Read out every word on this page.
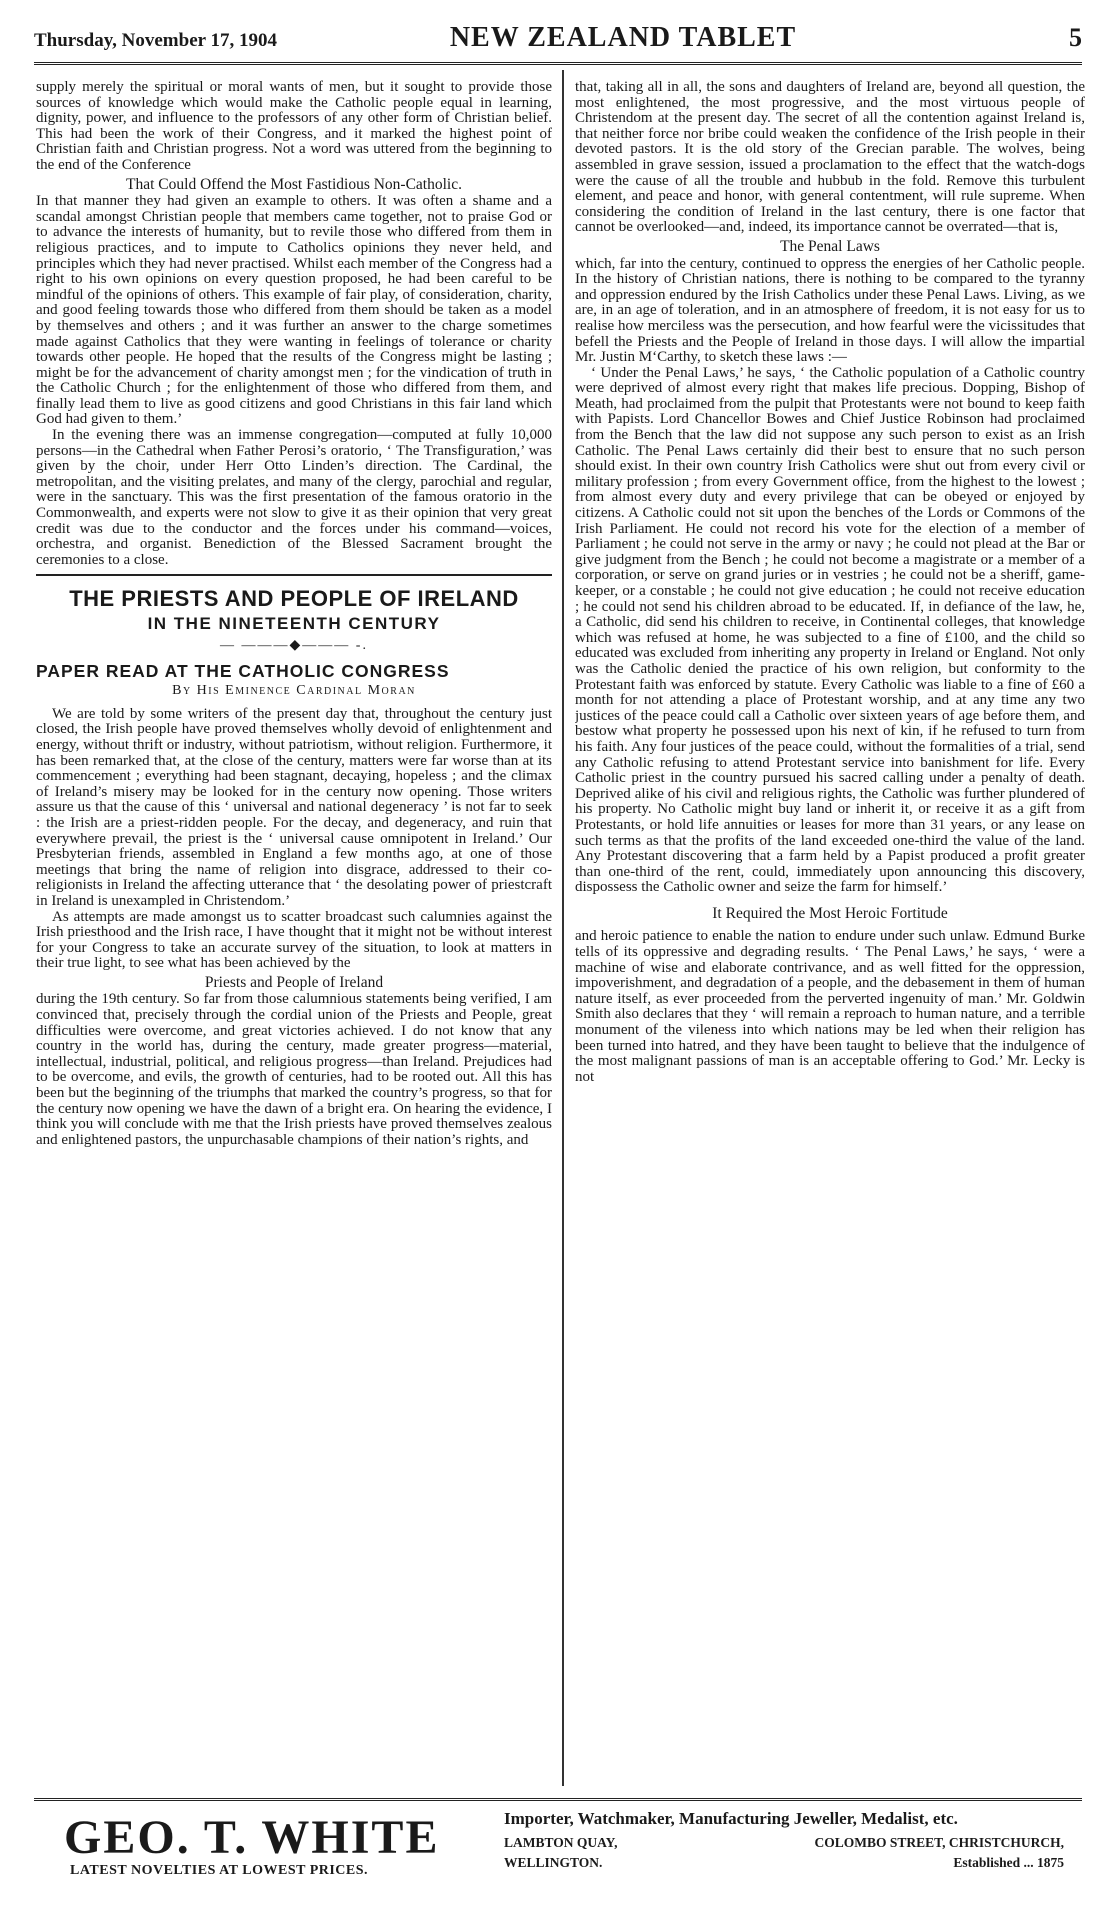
Thursday, November 17, 1904	NEW ZEALAND TABLET	5

supply merely the spiritual or moral wants of men, but it sought to provide those sources of knowledge which would make the Catholic people equal in learning, dignity, power, and influence to the professors of any other form of Christian belief. This had been the work of their Congress, and it marked the highest point of Christian faith and Christian progress. Not a word was uttered from the beginning to the end of the Conference

That Could Offend the Most Fastidious Non-Catholic.

In that manner they had given an example to others. It was often a shame and a scandal amongst Christian people that members came together, not to praise God or to advance the interests of humanity, but to revile those who differed from them in religious practices, and to impute to Catholics opinions they never held, and principles which they had never practised. Whilst each member of the Congress had a right to his own opinions on every question proposed, he had been careful to be mindful of the opinions of others. This example of fair play, of consideration, charity, and good feeling towards those who differed from them should be taken as a model by themselves and others ; and it was further an answer to the charge sometimes made against Catholics that they were wanting in feelings of tolerance or charity towards other people. He hoped that the results of the Congress might be lasting ; might be for the advancement of charity amongst men ; for the vindication of truth in the Catholic Church ; for the enlightenment of those who differed from them, and finally lead them to live as good citizens and good Christians in this fair land which God had given to them.’

In the evening there was an immense congregation—computed at fully 10,000 persons—in the Cathedral when Father Perosi’s oratorio, ‘ The Transfiguration,’ was given by the choir, under Herr Otto Linden’s direction. The Cardinal, the metropolitan, and the visiting prelates, and many of the clergy, parochial and regular, were in the sanctuary. This was the first presentation of the famous oratorio in the Commonwealth, and experts were not slow to give it as their opinion that very great credit was due to the conductor and the forces under his command—voices, orchestra, and organist. Benediction of the Blessed Sacrament brought the ceremonies to a close.

THE PRIESTS AND PEOPLE OF IRELAND
IN THE NINETEENTH CENTURY
— ———◆——— -.
PAPER READ AT THE CATHOLIC CONGRESS
By His Eminence Cardinal Moran

We are told by some writers of the present day that, throughout the century just closed, the Irish people have proved themselves wholly devoid of enlightenment and energy, without thrift or industry, without patriotism, without religion. Furthermore, it has been remarked that, at the close of the century, matters were far worse than at its commencement ; everything had been stagnant, decaying, hopeless ; and the climax of Ireland’s misery may be looked for in the century now opening. Those writers assure us that the cause of this ‘ universal and national degeneracy ’ is not far to seek : the Irish are a priest-ridden people. For the decay, and degeneracy, and ruin that everywhere prevail, the priest is the ‘ universal cause omnipotent in Ireland.’ Our Presbyterian friends, assembled in England a few months ago, at one of those meetings that bring the name of religion into disgrace, addressed to their co-religionists in Ireland the affecting utterance that ‘ the desolating power of priestcraft in Ireland is unexampled in Christendom.’

As attempts are made amongst us to scatter broadcast such calumnies against the Irish priesthood and the Irish race, I have thought that it might not be without interest for your Congress to take an accurate survey of the situation, to look at matters in their true light, to see what has been achieved by the

Priests and People of Ireland

during the 19th century. So far from those calumnious statements being verified, I am convinced that, precisely through the cordial union of the Priests and People, great difficulties were overcome, and great victories achieved. I do not know that any country in the world has, during the century, made greater progress—material, intellectual, industrial, political, and religious progress—than Ireland. Prejudices had to be overcome, and evils, the growth of centuries, had to be rooted out. All this has been but the beginning of the triumphs that marked the country’s progress, so that for the century now opening we have the dawn of a bright era. On hearing the evidence, I think you will conclude with me that the Irish priests have proved themselves zealous and enlightened pastors, the unpurchasable champions of their nation’s rights, and

that, taking all in all, the sons and daughters of Ireland are, beyond all question, the most enlightened, the most progressive, and the most virtuous people of Christendom at the present day. The secret of all the contention against Ireland is, that neither force nor bribe could weaken the confidence of the Irish people in their devoted pastors. It is the old story of the Grecian parable. The wolves, being assembled in grave session, issued a proclamation to the effect that the watch-dogs were the cause of all the trouble and hubbub in the fold. Remove this turbulent element, and peace and honor, with general contentment, will rule supreme. When considering the condition of Ireland in the last century, there is one factor that cannot be overlooked—and, indeed, its importance cannot be overrated—that is,

The Penal Laws

which, far into the century, continued to oppress the energies of her Catholic people. In the history of Christian nations, there is nothing to be compared to the tyranny and oppression endured by the Irish Catholics under these Penal Laws. Living, as we are, in an age of toleration, and in an atmosphere of freedom, it is not easy for us to realise how merciless was the persecution, and how fearful were the vicissitudes that befell the Priests and the People of Ireland in those days. I will allow the impartial Mr. Justin M‘Carthy, to sketch these laws :—

‘ Under the Penal Laws,’ he says, ‘ the Catholic population of a Catholic country were deprived of almost every right that makes life precious. Dopping, Bishop of Meath, had proclaimed from the pulpit that Protestants were not bound to keep faith with Papists. Lord Chancellor Bowes and Chief Justice Robinson had proclaimed from the Bench that the law did not suppose any such person to exist as an Irish Catholic. The Penal Laws certainly did their best to ensure that no such person should exist. In their own country Irish Catholics were shut out from every civil or military profession ; from every Government office, from the highest to the lowest ; from almost every duty and every privilege that can be obeyed or enjoyed by citizens. A Catholic could not sit upon the benches of the Lords or Commons of the Irish Parliament. He could not record his vote for the election of a member of Parliament ; he could not serve in the army or navy ; he could not plead at the Bar or give judgment from the Bench ; he could not become a magistrate or a member of a corporation, or serve on grand juries or in vestries ; he could not be a sheriff, game-keeper, or a constable ; he could not give education ; he could not receive education ; he could not send his children abroad to be educated. If, in defiance of the law, he, a Catholic, did send his children to receive, in Continental colleges, that knowledge which was refused at home, he was subjected to a fine of £100, and the child so educated was excluded from inheriting any property in Ireland or England. Not only was the Catholic denied the practice of his own religion, but conformity to the Protestant faith was enforced by statute. Every Catholic was liable to a fine of £60 a month for not attending a place of Protestant worship, and at any time any two justices of the peace could call a Catholic over sixteen years of age before them, and bestow what property he possessed upon his next of kin, if he refused to turn from his faith. Any four justices of the peace could, without the formalities of a trial, send any Catholic refusing to attend Protestant service into banishment for life. Every Catholic priest in the country pursued his sacred calling under a penalty of death. Deprived alike of his civil and religious rights, the Catholic was further plundered of his property. No Catholic might buy land or inherit it, or receive it as a gift from Protestants, or hold life annuities or leases for more than 31 years, or any lease on such terms as that the profits of the land exceeded one-third the value of the land. Any Protestant discovering that a farm held by a Papist produced a profit greater than one-third of the rent, could, immediately upon announcing this discovery, dispossess the Catholic owner and seize the farm for himself.’

It Required the Most Heroic Fortitude

and heroic patience to enable the nation to endure under such unlaw. Edmund Burke tells of its oppressive and degrading results. ‘ The Penal Laws,’ he says, ‘ were a machine of wise and elaborate contrivance, and as well fitted for the oppression, impoverishment, and degradation of a people, and the debasement in them of human nature itself, as ever proceeded from the perverted ingenuity of man.’ Mr. Goldwin Smith also declares that they ‘ will remain a reproach to human nature, and a terrible monument of the vileness into which nations may be led when their religion has been turned into hatred, and they have been taught to believe that the indulgence of the most malignant passions of man is an acceptable offering to God.’ Mr. Lecky is not

GEO. T. WHITE
LATEST NOVELTIES AT LOWEST PRICES.
Importer, Watchmaker, Manufacturing Jeweller, Medalist, etc.
LAMBTON QUAY,	COLOMBO STREET, CHRISTCHURCH,
WELLINGTON.	Established ... 1875
